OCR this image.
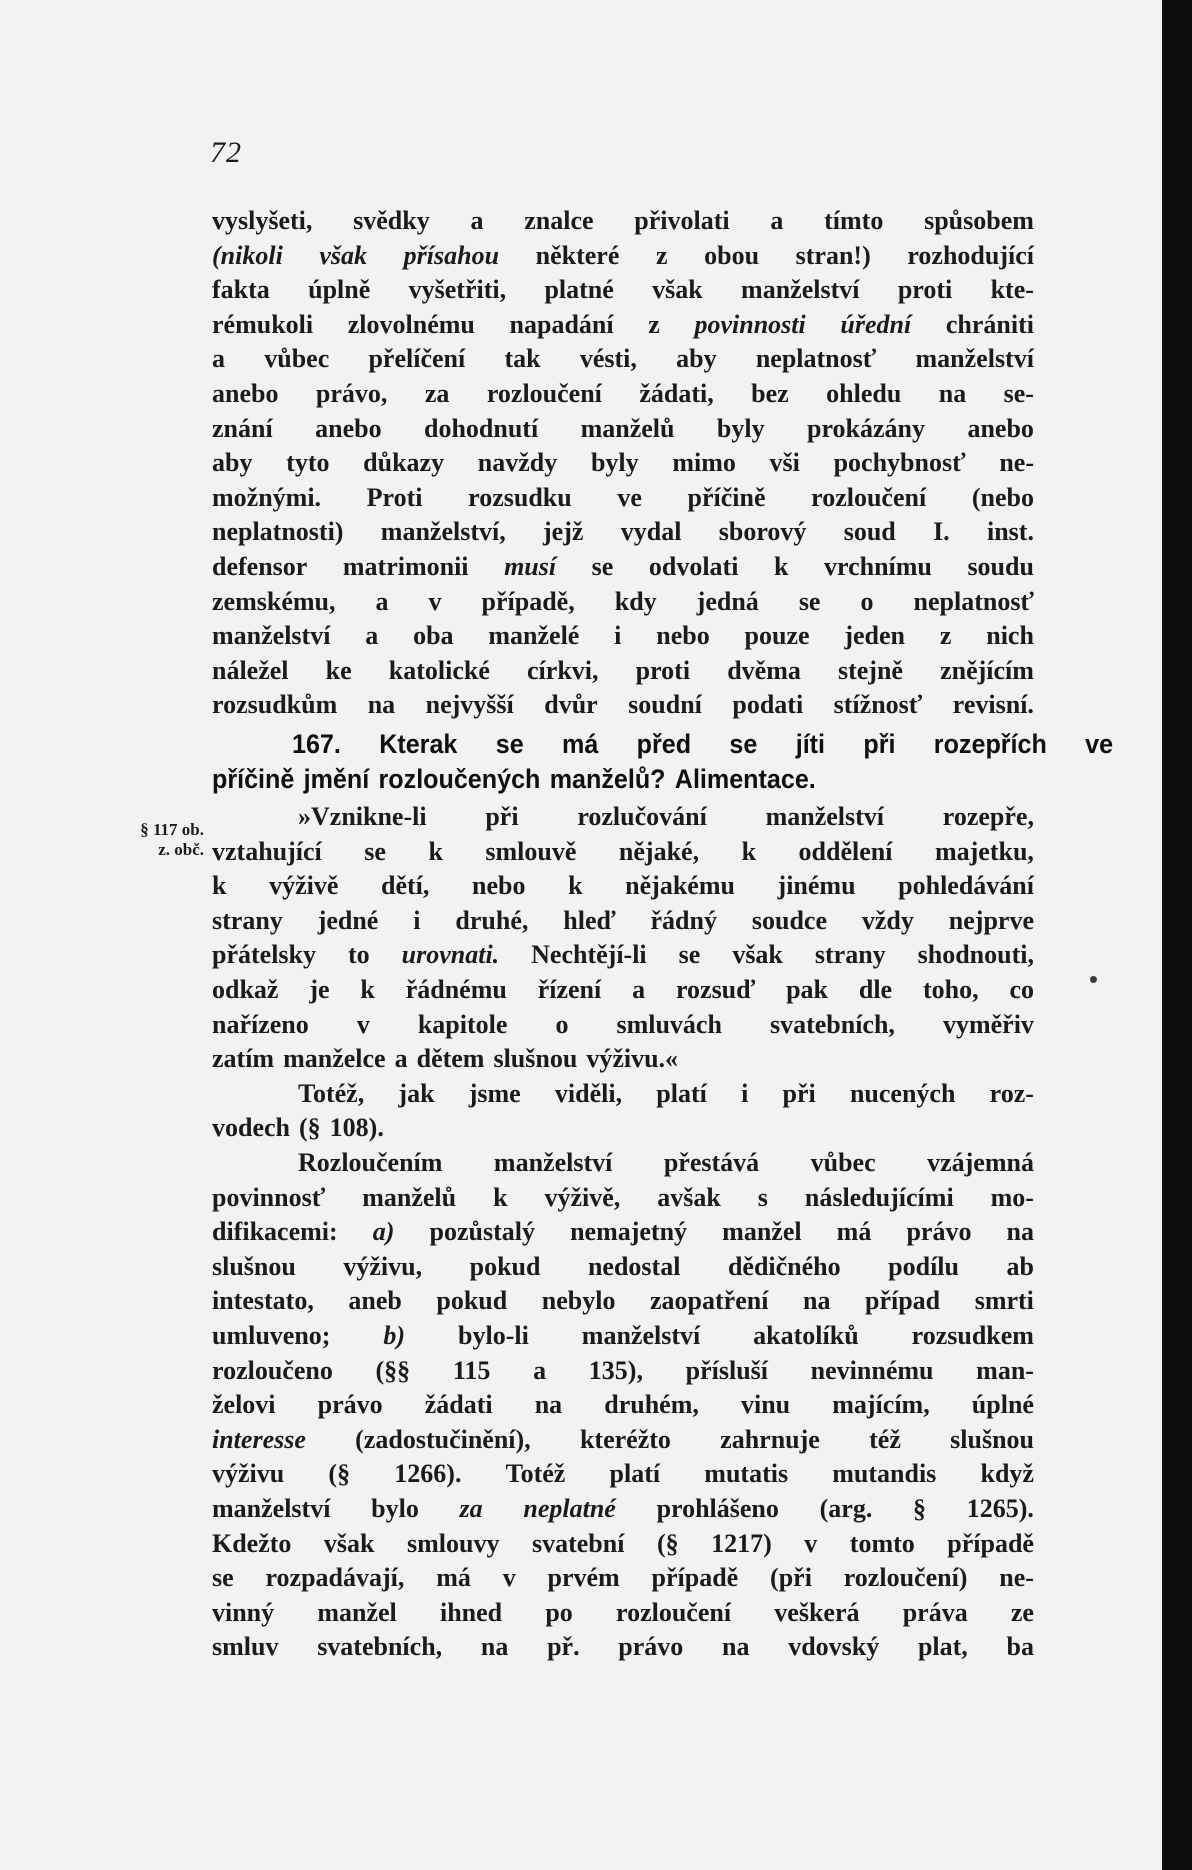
72
§ 117 ob.
z. obč.
vyslyšeti, svědky a znalce přivolati a tímto spůsobem
(nikoli však přísahou některé z obou stran!) rozhodující
fakta úplně vyšetřiti, platné však manželství proti kte-
rémukoli zlovolnému napadání z povinnosti úřední chrániti
a vůbec přelíčení tak vésti, aby neplatnosť manželství
anebo právo, za rozloučení žádati, bez ohledu na se-
znání anebo dohodnutí manželů byly prokázány anebo
aby tyto důkazy navždy byly mimo vši pochybnosť ne-
možnými. Proti rozsudku ve příčině rozloučení (nebo
neplatnosti) manželství, jejž vydal sborový soud I. inst.
defensor matrimonii musí se odvolati k vrchnímu soudu
zemskému, a v případě, kdy jedná se o neplatnosť
manželství a oba manželé i nebo pouze jeden z nich
náležel ke katolické církvi, proti dvěma stejně znějícím
rozsudkům na nejvyšší dvůr soudní podati stížnosť revisní.
167. Kterak se má před se jíti při rozepřích ve
příčině jmění rozloučených manželů? Alimentace.
»Vznikne-li při rozlučování manželství rozepře,
vztahující se k smlouvě nějaké, k oddělení majetku,
k výživě dětí, nebo k nějakému jinému pohledávání
strany jedné i druhé, hleď řádný soudce vždy nejprve
přátelsky to urovnati. Nechtějí-li se však strany shodnouti,
odkaž je k řádnému řízení a rozsuď pak dle toho, co
nařízeno v kapitole o smluvách svatebních, vyměřiv
zatím manželce a dětem slušnou výživu.«
Totéž, jak jsme viděli, platí i při nucených roz-
vodech (§ 108).
Rozloučením manželství přestává vůbec vzájemná
povinnosť manželů k výživě, avšak s následujícími mo-
difikacemi: a) pozůstalý nemajetný manžel má právo na
slušnou výživu, pokud nedostal dědičného podílu ab
intestato, aneb pokud nebylo zaopatření na případ smrti
umluveno; b) bylo-li manželství akatolíků rozsudkem
rozloučeno (§§ 115 a 135), přísluší nevinnému man-
želovi právo žádati na druhém, vinu majícím, úplné
interesse (zadostučinění), kteréžto zahrnuje též slušnou
výživu (§ 1266). Totéž platí mutatis mutandis když
manželství bylo za neplatné prohlášeno (arg. § 1265).
Kdežto však smlouvy svatební (§ 1217) v tomto případě
se rozpadávají, má v prvém případě (při rozloučení) ne-
vinný manžel ihned po rozloučení veškerá práva ze
smluv svatebních, na př. právo na vdovský plat, ba
